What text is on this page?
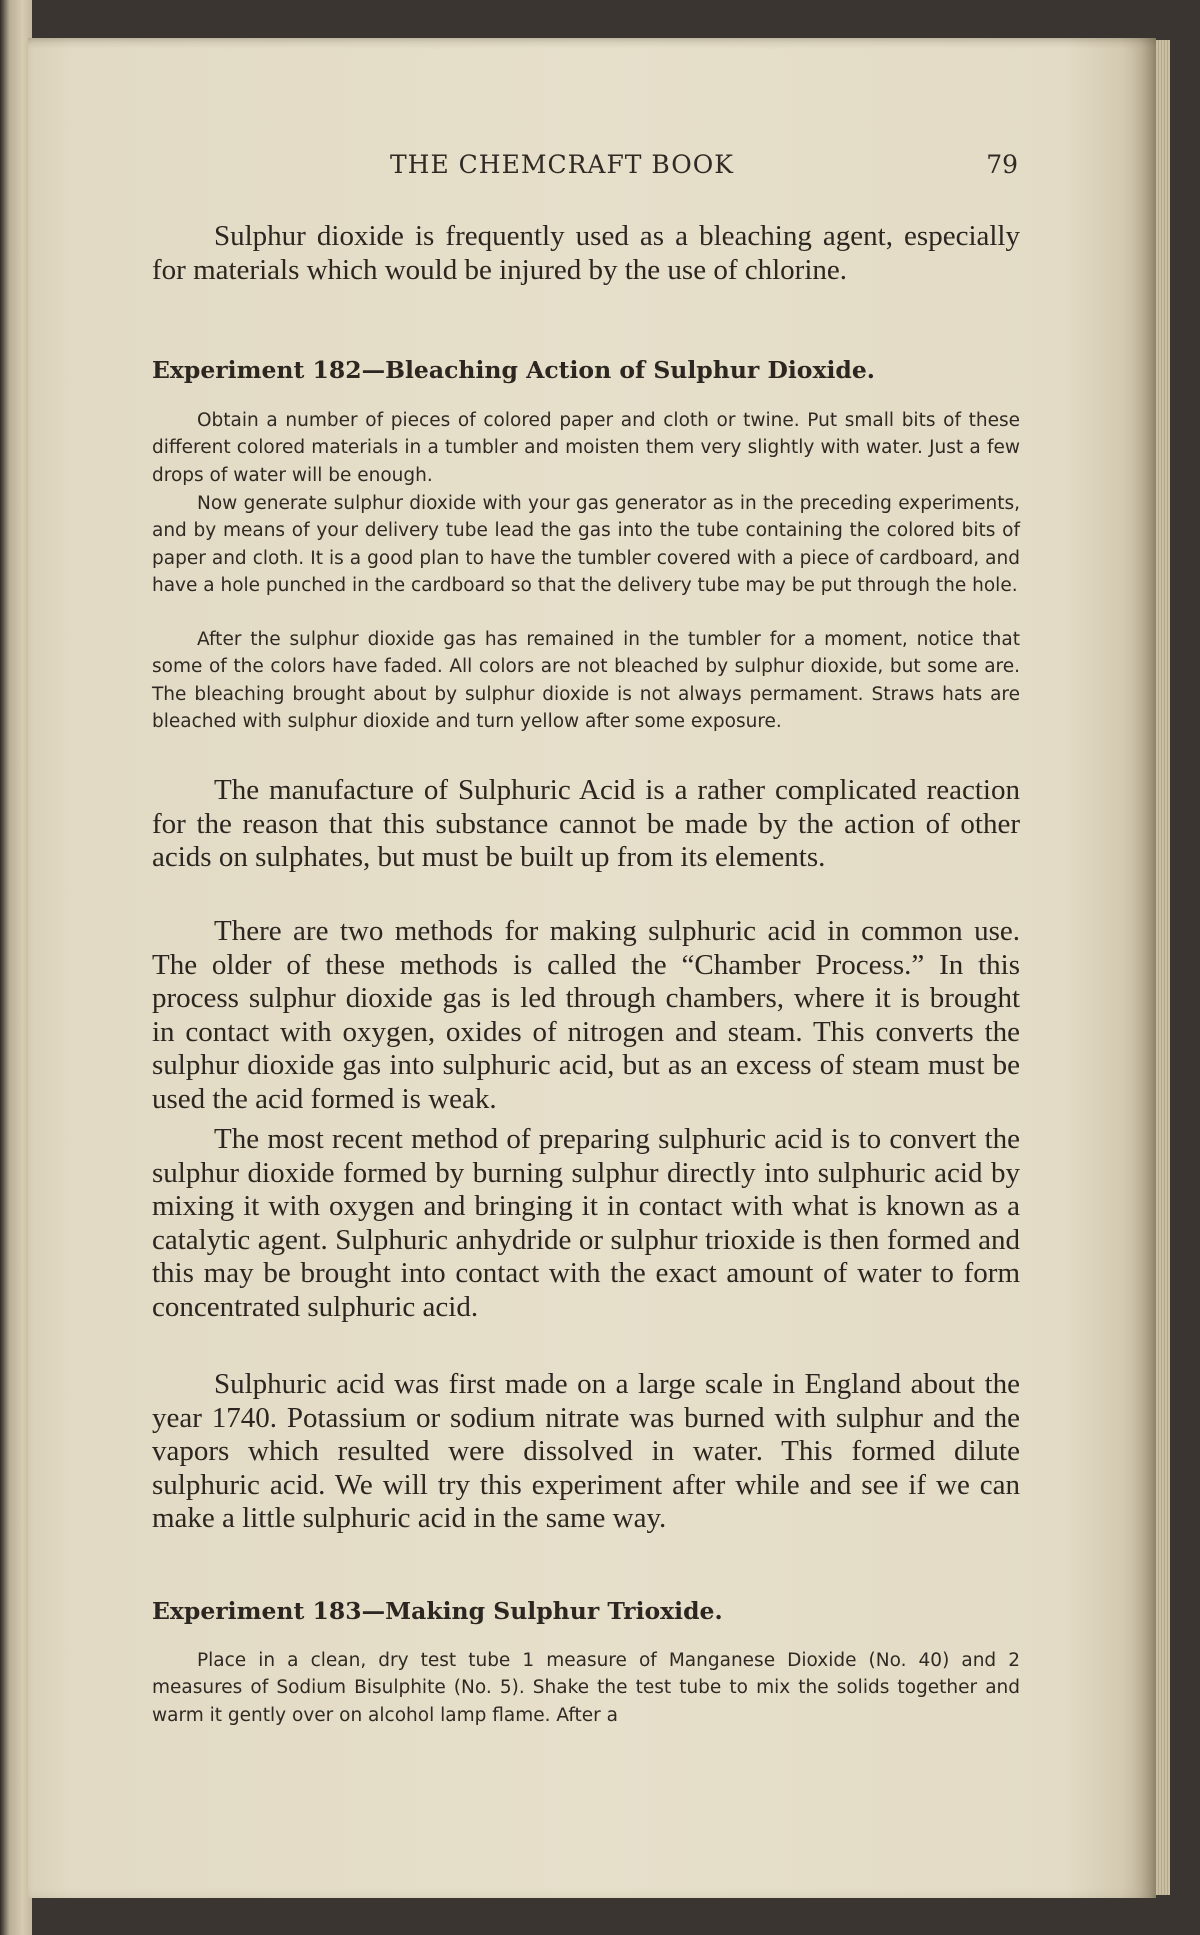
THE CHEMCRAFT BOOK	79

Sulphur dioxide is frequently used as a bleaching agent, especially for materials which would be injured by the use of chlorine.

Experiment 182—Bleaching Action of Sulphur Dioxide.

Obtain a number of pieces of colored paper and cloth or twine. Put small bits of these different colored materials in a tumbler and moisten them very slightly with water. Just a few drops of water will be enough.

Now generate sulphur dioxide with your gas generator as in the preceding experiments, and by means of your delivery tube lead the gas into the tube containing the colored bits of paper and cloth. It is a good plan to have the tumbler covered with a piece of cardboard, and have a hole punched in the cardboard so that the delivery tube may be put through the hole.

After the sulphur dioxide gas has remained in the tumbler for a moment, notice that some of the colors have faded. All colors are not bleached by sulphur dioxide, but some are. The bleaching brought about by sulphur dioxide is not always permament. Straws hats are bleached with sulphur dioxide and turn yellow after some exposure.

The manufacture of Sulphuric Acid is a rather complicated reaction for the reason that this substance cannot be made by the action of other acids on sulphates, but must be built up from its elements.

There are two methods for making sulphuric acid in common use. The older of these methods is called the “Chamber Process.” In this process sulphur dioxide gas is led through chambers, where it is brought in contact with oxygen, oxides of nitrogen and steam. This converts the sulphur dioxide gas into sulphuric acid, but as an excess of steam must be used the acid formed is weak.

The most recent method of preparing sulphuric acid is to convert the sulphur dioxide formed by burning sulphur directly into sulphuric acid by mixing it with oxygen and bringing it in contact with what is known as a catalytic agent. Sulphuric anhydride or sulphur trioxide is then formed and this may be brought into contact with the exact amount of water to form concentrated sulphuric acid.

Sulphuric acid was first made on a large scale in England about the year 1740. Potassium or sodium nitrate was burned with sulphur and the vapors which resulted were dissolved in water. This formed dilute sulphuric acid. We will try this experiment after while and see if we can make a little sulphuric acid in the same way.

Experiment 183—Making Sulphur Trioxide.

Place in a clean, dry test tube 1 measure of Manganese Dioxide (No. 40) and 2 measures of Sodium Bisulphite (No. 5). Shake the test tube to mix the solids together and warm it gently over on alcohol lamp flame. After a
